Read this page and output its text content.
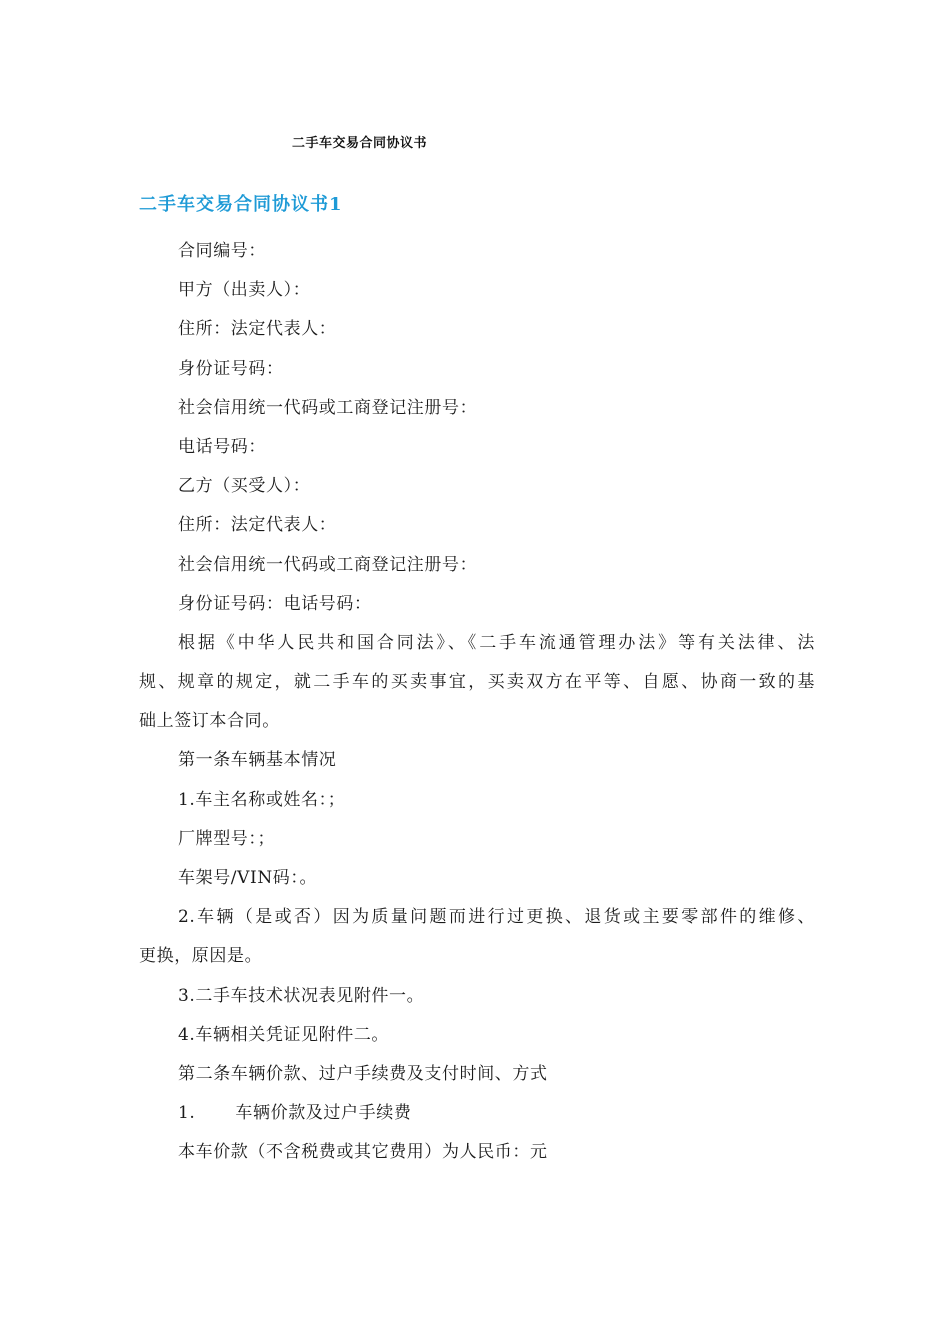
二手车交易合同协议书
二手车交易合同协议书1
合同编号：
甲方（出卖人）：
住所：法定代表人：
身份证号码：
社会信用统一代码或工商登记注册号：
电话号码：
乙方（买受人）：
住所：法定代表人：
社会信用统一代码或工商登记注册号：
身份证号码：电话号码：
根据《中华人民共和国合同法》、《二手车流通管理办法》等有关法律、法
规、规章的规定，就二手车的买卖事宜，买卖双方在平等、自愿、协商一致的基
础上签订本合同。
第一条车辆基本情况
1.车主名称或姓名：；
厂牌型号：；
车架号/VIN码：。
2.车辆（是或否）因为质量问题而进行过更换、退货或主要零部件的维修、
更换，原因是。
3.二手车技术状况表见附件一。
4.车辆相关凭证见附件二。
第二条车辆价款、过户手续费及支付时间、方式
1. 车辆价款及过户手续费
本车价款（不含税费或其它费用）为人民币：元
